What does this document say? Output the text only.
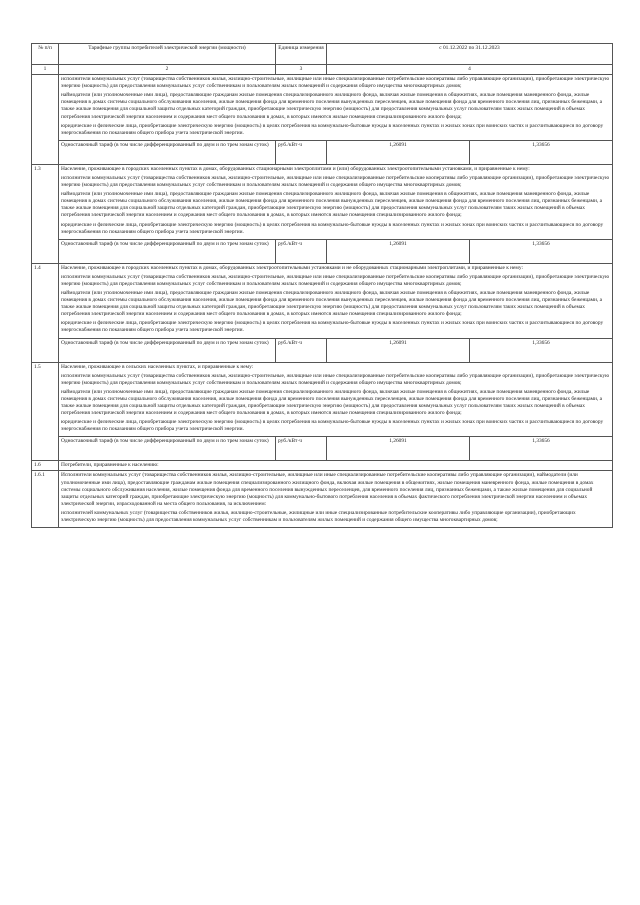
№ п/п	Тарифные группы потребителей электрической энергии (мощности)	Единица измерения	с 01.12.2022 по 31.12.2023	
1	2	3	4	

	исполнители коммунальных услуг (товарищества собственников жилья, жилищно-строительные, жилищные или иные специализированные потребительские кооперативы либо управляющие организации), приобретающие электрическую энергию (мощность) для предоставления коммунальных услуг собственникам и пользователям жилых помещений и содержания общего имущества многоквартирных домов;

наймодатели (или уполномоченные ими лица), предоставляющие гражданам жилые помещения специализированного жилищного фонда, включая жилые помещения в общежитиях, жилые помещения маневренного фонда, жилые помещения в домах системы социального обслуживания населения, жилые помещения фонда для временного поселения вынужденных переселенцев, жилые помещения фонда для временного поселения лиц, признанных беженцами, а также жилые помещения для социальной защиты отдельных категорий граждан, приобретающие электрическую энергию (мощность) для предоставления коммунальных услуг пользователям таких жилых помещений в объемах потребления электрической энергии населением и содержания мест общего пользования в домах, в которых имеются жилые помещения специализированного жилого фонда;

юридические и физические лица, приобретающие электрическую энергию (мощность) в целях потребления на коммунально-бытовые нужды в населенных пунктах и жилых зонах при воинских частях и рассчитывающиеся по договору энергоснабжения по показаниям общего прибора учета электрической энергии.			

	Одноставочный тариф (в том числе дифференцированный по двум и по трем зонам суток)	руб./кВт·ч	1,26091	1,33656
1.3	Население, проживающее в городских населенных пунктах в домах, оборудованных стационарными электроплитами и (или) оборудованных электроотопительными установками, и приравненные к нему:

исполнители коммунальных услуг (товарищества собственников жилья, жилищно-строительные, жилищные или иные специализированные потребительские кооперативы либо управляющие организации), приобретающие электрическую энергию (мощность) для предоставления коммунальных услуг собственникам и пользователям жилых помещений и содержания общего имущества многоквартирных домов;

наймодатели (или уполномоченные ими лица), предоставляющие гражданам жилые помещения специализированного жилищного фонда, включая жилые помещения в общежитиях, жилые помещения маневренного фонда, жилые помещения в домах системы социального обслуживания населения, жилые помещения фонда для временного поселения вынужденных переселенцев, жилые помещения фонда для временного поселения лиц, признанных беженцами, а также жилые помещения для социальной защиты отдельных категорий граждан, приобретающие электрическую энергию (мощность) для предоставления коммунальных услуг пользователям таких жилых помещений в объемах потребления электрической энергии населением и содержания мест общего пользования в домах, в которых имеются жилые помещения специализированного жилого фонда;

юридические и физические лица, приобретающие электрическую энергию (мощность) в целях потребления на коммунально-бытовые нужды в населенных пунктах и жилых зонах при воинских частях и рассчитывающиеся по договору энергоснабжения по показаниям общего прибора учета электрической энергии.			

	Одноставочный тариф (в том числе дифференцированный по двум и по трем зонам суток)	руб./кВт·ч	1,26091	1,33656
1.4	Население, проживающее в городских населенных пунктах в домах, оборудованных электроотопительными установками и не оборудованных стационарными электроплитами, и приравненные к нему:

исполнители коммунальных услуг (товарищества собственников жилья, жилищно-строительные, жилищные или иные специализированные потребительские кооперативы либо управляющие организации), приобретающие электрическую энергию (мощность) для предоставления коммунальных услуг собственникам и пользователям жилых помещений и содержания общего имущества многоквартирных домов;

наймодатели (или уполномоченные ими лица), предоставляющие гражданам жилые помещения специализированного жилищного фонда, включая жилые помещения в общежитиях, жилые помещения маневренного фонда, жилые помещения в домах системы социального обслуживания населения, жилые помещения фонда для временного поселения вынужденных переселенцев, жилые помещения фонда для временного поселения лиц, признанных беженцами, а также жилые помещения для социальной защиты отдельных категорий граждан, приобретающие электрическую энергию (мощность) для предоставления коммунальных услуг пользователям таких жилых помещений в объемах потребления электрической энергии населением и содержания мест общего пользования в домах, в которых имеются жилые помещения специализированного жилого фонда;

юридические и физические лица, приобретающие электрическую энергию (мощность) в целях потребления на коммунально-бытовые нужды в населенных пунктах и жилых зонах при воинских частях и рассчитывающиеся по договору энергоснабжения по показаниям общего прибора учета электрической энергии.			

	Одноставочный тариф (в том числе дифференцированный по двум и по трем зонам суток)	руб./кВт·ч	1,26091	1,33656
1.5	Население, проживающее в сельских населенных пунктах, и приравненные к нему:

исполнители коммунальных услуг (товарищества собственников жилья, жилищно-строительные, жилищные или иные специализированные потребительские кооперативы либо управляющие организации), приобретающие электрическую энергию (мощность) для предоставления коммунальных услуг собственникам и пользователям жилых помещений и содержания общего имущества многоквартирных домов;

наймодатели (или уполномоченные ими лица), предоставляющие гражданам жилые помещения специализированного жилищного фонда, включая жилые помещения в общежитиях, жилые помещения маневренного фонда, жилые помещения в домах системы социального обслуживания населения, жилые помещения фонда для временного поселения вынужденных переселенцев, жилые помещения фонда для временного поселения лиц, признанных беженцами, а также жилые помещения для социальной защиты отдельных категорий граждан, приобретающие электрическую энергию (мощность) для предоставления коммунальных услуг пользователям таких жилых помещений в объемах потребления электрической энергии населением и содержания мест общего пользования в домах, в которых имеются жилые помещения специализированного жилого фонда;

юридические и физические лица, приобретающие электрическую энергию (мощность) в целях потребления на коммунально-бытовые нужды в населенных пунктах и жилых зонах при воинских частях и рассчитывающиеся по договору энергоснабжения по показаниям общего прибора учета электрической энергии.			

	Одноставочный тариф (в том числе дифференцированный по двум и по трем зонам суток)	руб./кВт·ч	1,26091	1,33656
1.6	Потребители, приравненные к населению:			
1.6.1	Исполнители коммунальных услуг (товарищества собственников жилья, жилищно-строительные, жилищные или иные специализированные потребительские кооперативы либо управляющие организации), наймодатели (или уполномоченные ими лица), предоставляющие гражданам жилые помещения специализированного жилищного фонда, включая жилые помещения в общежитиях, жилые помещения маневренного фонда, жилые помещения в домах системы социального обслуживания населения, жилые помещения фонда для временного поселения вынужденных переселенцев, для временного поселения лиц, признанных беженцами, а также жилые помещения для социальной защиты отдельных категорий граждан, приобретающие электрическую энергию (мощность) для коммунально-бытового потребления населения в объемах фактического потребления электрической энергии населением и объемах электрической энергии, израсходованной на места общего пользования, за исключением:

исполнителей коммунальных услуг (товарищества собственников жилья, жилищно-строительные, жилищные или иные специализированные потребительские кооперативы либо управляющие организации), приобретающих электрическую энергию (мощность) для предоставления коммунальных услуг собственникам и пользователям жилых помещений и содержания общего имущества многоквартирных домов;			
